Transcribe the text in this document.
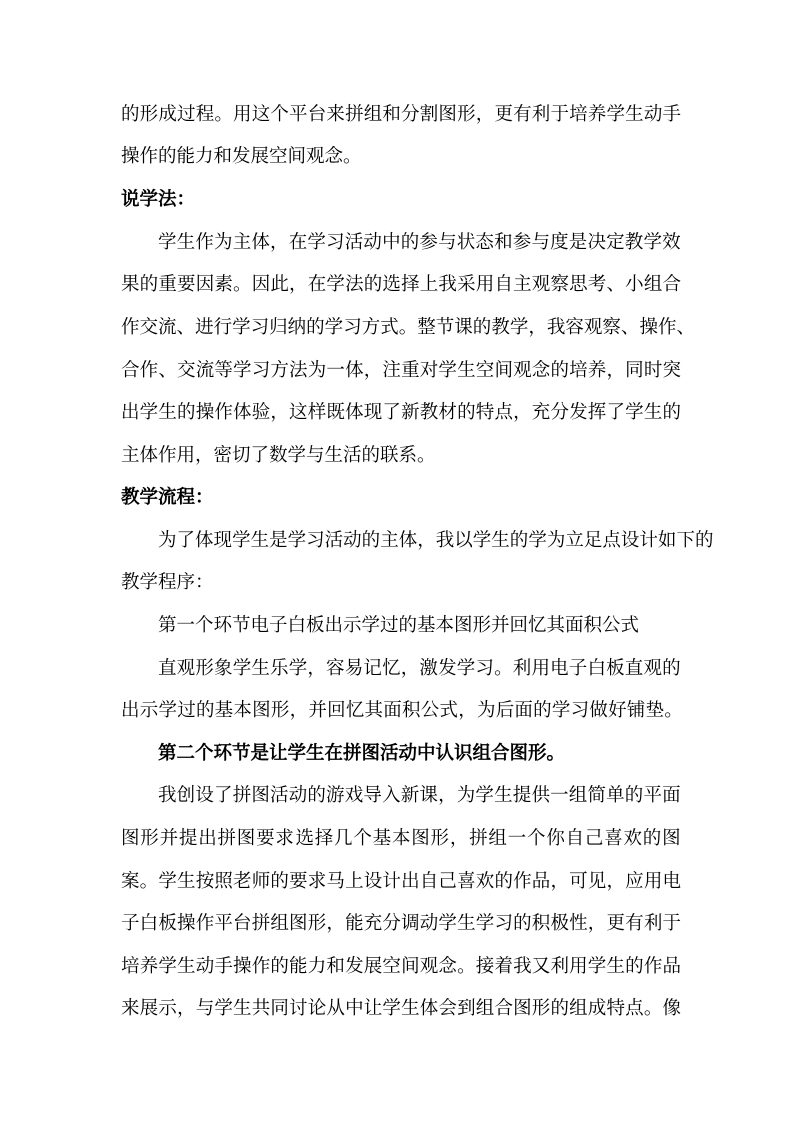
的 形 成 过 程 。 用 这 个 平 台 来 拼 组 和 分 割 图 形 ， 更 有 利 于 培 养 学 生 动 手
操作的能力和发展空间观念。
说学法：
学 生 作 为 主 体 ， 在 学 习 活 动 中 的 参 与 状 态 和 参 与 度 是 决 定 教 学 效
果 的 重 要 因 素 。 因 此 ， 在 学 法 的 选 择 上 我 采 用 自 主 观 察 思 考 、 小 组 合
作 交 流 、 进 行 学 习 归 纳 的 学 习 方 式 。 整 节 课 的 教 学 ， 我 容 观 察 、 操 作 、
合 作 、 交 流 等 学 习 方 法 为 一 体 ， 注 重 对 学 生 空 间 观 念 的 培 养 ， 同 时 突
出 学 生 的 操 作 体 验 ， 这 样 既 体 现 了 新 教 材 的 特 点 ， 充 分 发 挥 了 学 生 的
主体作用，密切了数学与生活的联系。
教学流程：
为 了 体 现 学 生 是 学 习 活 动 的 主 体 ， 我 以 学 生 的 学 为 立 足 点 设 计 如 下 的
教学程序：
第一个环节电子白板出示学过的基本图形并回忆其面积公式
直 观 形 象 学 生 乐 学 ， 容 易 记 忆 ， 激 发 学 习 。 利 用 电 子 白 板 直 观 的
出 示 学 过 的 基 本 图 形 ， 并 回 忆 其 面 积 公 式 ， 为 后 面 的 学 习 做 好 铺 垫 。
第二个环节是让学生在拼图活动中认识组合图形。
我 创 设 了 拼 图 活 动 的 游 戏 导 入 新 课 ， 为 学 生 提 供 一 组 简 单 的 平 面
图 形 并 提 出 拼 图 要 求 选 择 几 个 基 本 图 形 ， 拼 组 一 个 你 自 己 喜 欢 的 图
案 。 学 生 按 照 老 师 的 要 求 马 上 设 计 出 自 己 喜 欢 的 作 品 ， 可 见 ， 应 用 电
子 白 板 操 作 平 台 拼 组 图 形 ， 能 充 分 调 动 学 生 学 习 的 积 极 性 ， 更 有 利 于
培 养 学 生 动 手 操 作 的 能 力 和 发 展 空 间 观 念 。 接 着 我 又 利 用 学 生 的 作 品
来 展 示 ， 与 学 生 共 同 讨 论 从 中 让 学 生 体 会 到 组 合 图 形 的 组 成 特 点 。 像
